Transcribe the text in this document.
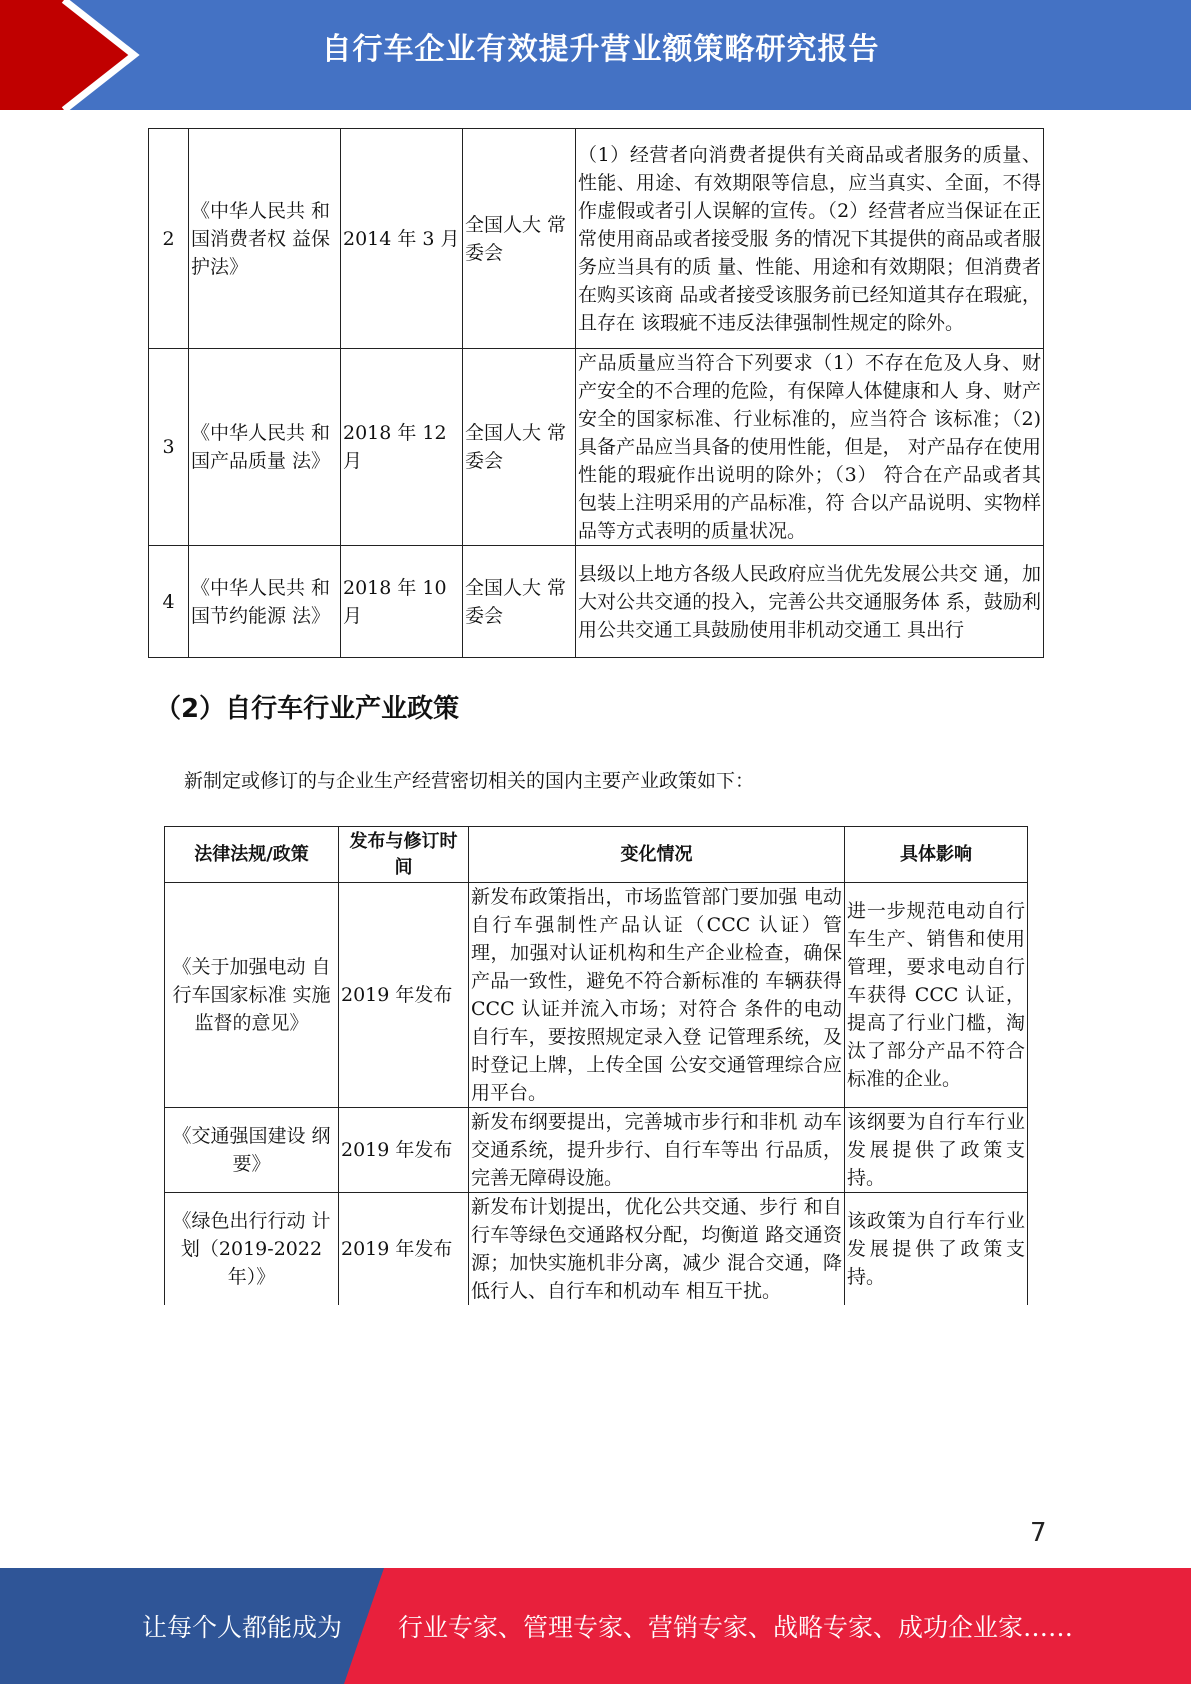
自行车企业有效提升营业额策略研究报告
2	《中华人民共 和国消费者权 益保护法》	2014 年 3 月	全国人大 常委会	（1）经营者向消费者提供有关商品或者服务的质量、性能、用途、有效期限等信息，应当真实、全面，不得作虚假或者引人误解的宣传。（2）经营者应当保证在正常使用商品或者接受服 务的情况下其提供的商品或者服务应当具有的质 量、性能、用途和有效期限；但消费者在购买该商 品或者接受该服务前已经知道其存在瑕疵，且存在 该瑕疵不违反法律强制性规定的除外。
3	《中华人民共 和国产品质量 法》	2018 年 12 月	全国人大 常委会	产品质量应当符合下列要求（1）不存在危及人身、财产安全的不合理的危险，有保障人体健康和人 身、财产安全的国家标准、行业标准的，应当符合 该标准；（2)具备产品应当具备的使用性能，但是， 对产品存在使用性能的瑕疵作出说明的除外；（3） 符合在产品或者其包装上注明采用的产品标准，符 合以产品说明、实物样品等方式表明的质量状况。
4	《中华人民共 和国节约能源 法》	2018 年 10 月	全国人大 常委会	县级以上地方各级人民政府应当优先发展公共交 通，加大对公共交通的投入，完善公共交通服务体 系，鼓励利用公共交通工具鼓励使用非机动交通工 具出行
（2）自行车行业产业政策
新制定或修订的与企业生产经营密切相关的国内主要产业政策如下：
法律法规/政策	发布与修订时间	变化情况	具体影响
《关于加强电动 自行车国家标准 实施监督的意见》	2019 年发布	新发布政策指出，市场监管部门要加强 电动自行车强制性产品认证（CCC 认证）管理，加强对认证机构和生产企业检查，确保产品一致性，避免不符合新标准的 车辆获得 CCC 认证并流入市场；对符合 条件的电动自行车，要按照规定录入登 记管理系统，及时登记上牌，上传全国 公安交通管理综合应用平台。	进一步规范电动自行车生产、销售和使用管理，要求电动自行车获得 CCC 认证，提高了行业门槛，淘汰了部分产品不符合标准的企业。
《交通强国建设 纲要》	2019 年发布	新发布纲要提出，完善城市步行和非机 动车交通系统，提升步行、自行车等出 行品质，完善无障碍设施。	该纲要为自行车行业发展提供了政策支持。
《绿色出行行动 计划（2019-2022 年）》	2019 年发布	新发布计划提出，优化公共交通、步行 和自行车等绿色交通路权分配，均衡道 路交通资源；加快实施机非分离，减少 混合交通，降低行人、自行车和机动车 相互干扰。	该政策为自行车行业发展提供了政策支持。
7
让每个人都能成为 行业专家、管理专家、营销专家、战略专家、成功企业家……
